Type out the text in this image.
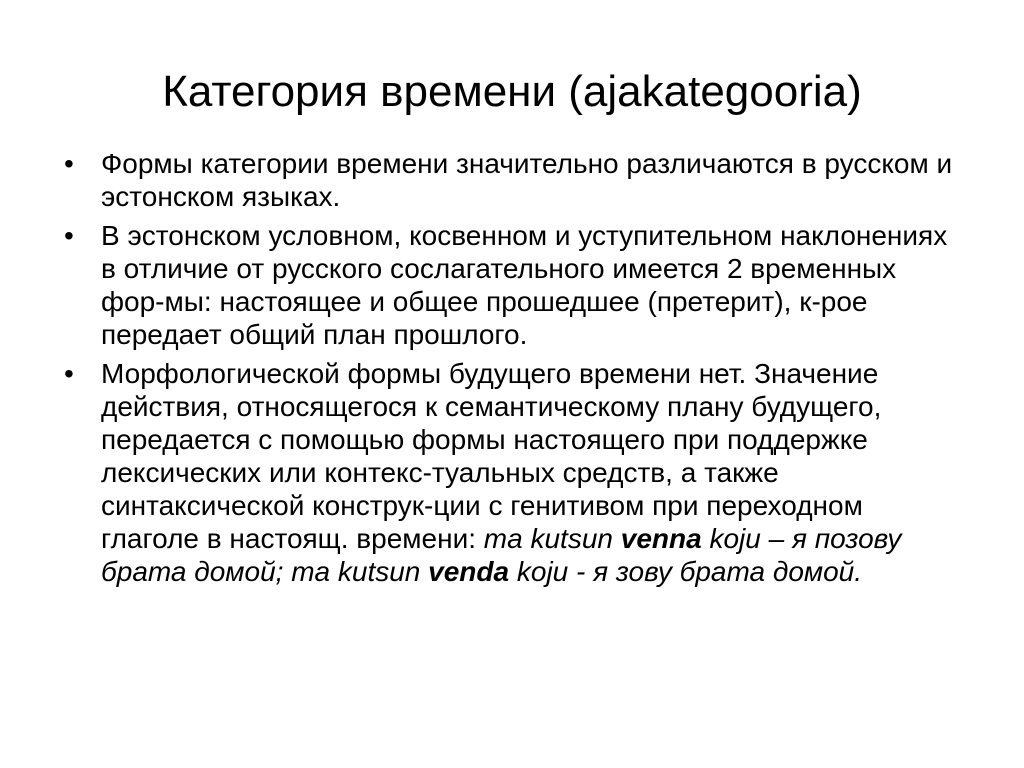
Категория времени (ajakategooria)
• Формы категории времени значительно различаются в русском и эстонском языках.
• В эстонском условном, косвенном и уступительном наклонениях в отличие от русского сослагательного имеется 2 временных фор-мы: настоящее и общее прошедшее (претерит), к-рое передает общий план прошлого.
• Морфологической формы будущего времени нет. Значение действия, относящегося к семантическому плану будущего, передается с помощью формы настоящего при поддержке лексических или контекс-туальных средств, а также синтаксической конструк-ции с генитивом при переходном глаголе в настоящ. времени: ma kutsun venna koju – я позову брата домой; ma kutsun venda koju - я зову брата домой.
